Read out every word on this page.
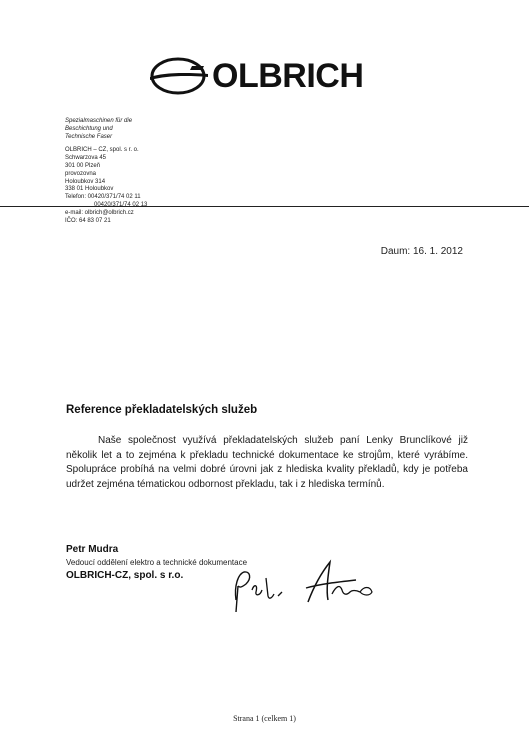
OLBRICH
Spezialmaschinen für die
Beschichtung und
Technische Faser
OLBRICH – CZ, spol. s r. o.
Schwarzova 45
301 00 Plzeň
provozovna
Holoubkov 314
338 01 Holoubkov
Telefon: 00420/371/74 02 11
00420/371/74 02 13
e-mail: olbrich@olbrich.cz
IČO: 64 83 07 21
Daum: 16. 1. 2012
Reference překladatelských služeb
Naše společnost využívá překladatelských služeb paní Lenky Brunclíkové již několik let a to zejména k překladu technické dokumentace ke strojům, které vyrábíme. Spolupráce probíhá na velmi dobré úrovni jak z hlediska kvality překladů, kdy je potřeba udržet zejména tématickou odbornost překladu, tak i z hlediska termínů.
Petr Mudra
Vedoucí oddělení elektro a technické dokumentace
OLBRICH-CZ, spol. s r.o.
Strana 1 (celkem 1)
